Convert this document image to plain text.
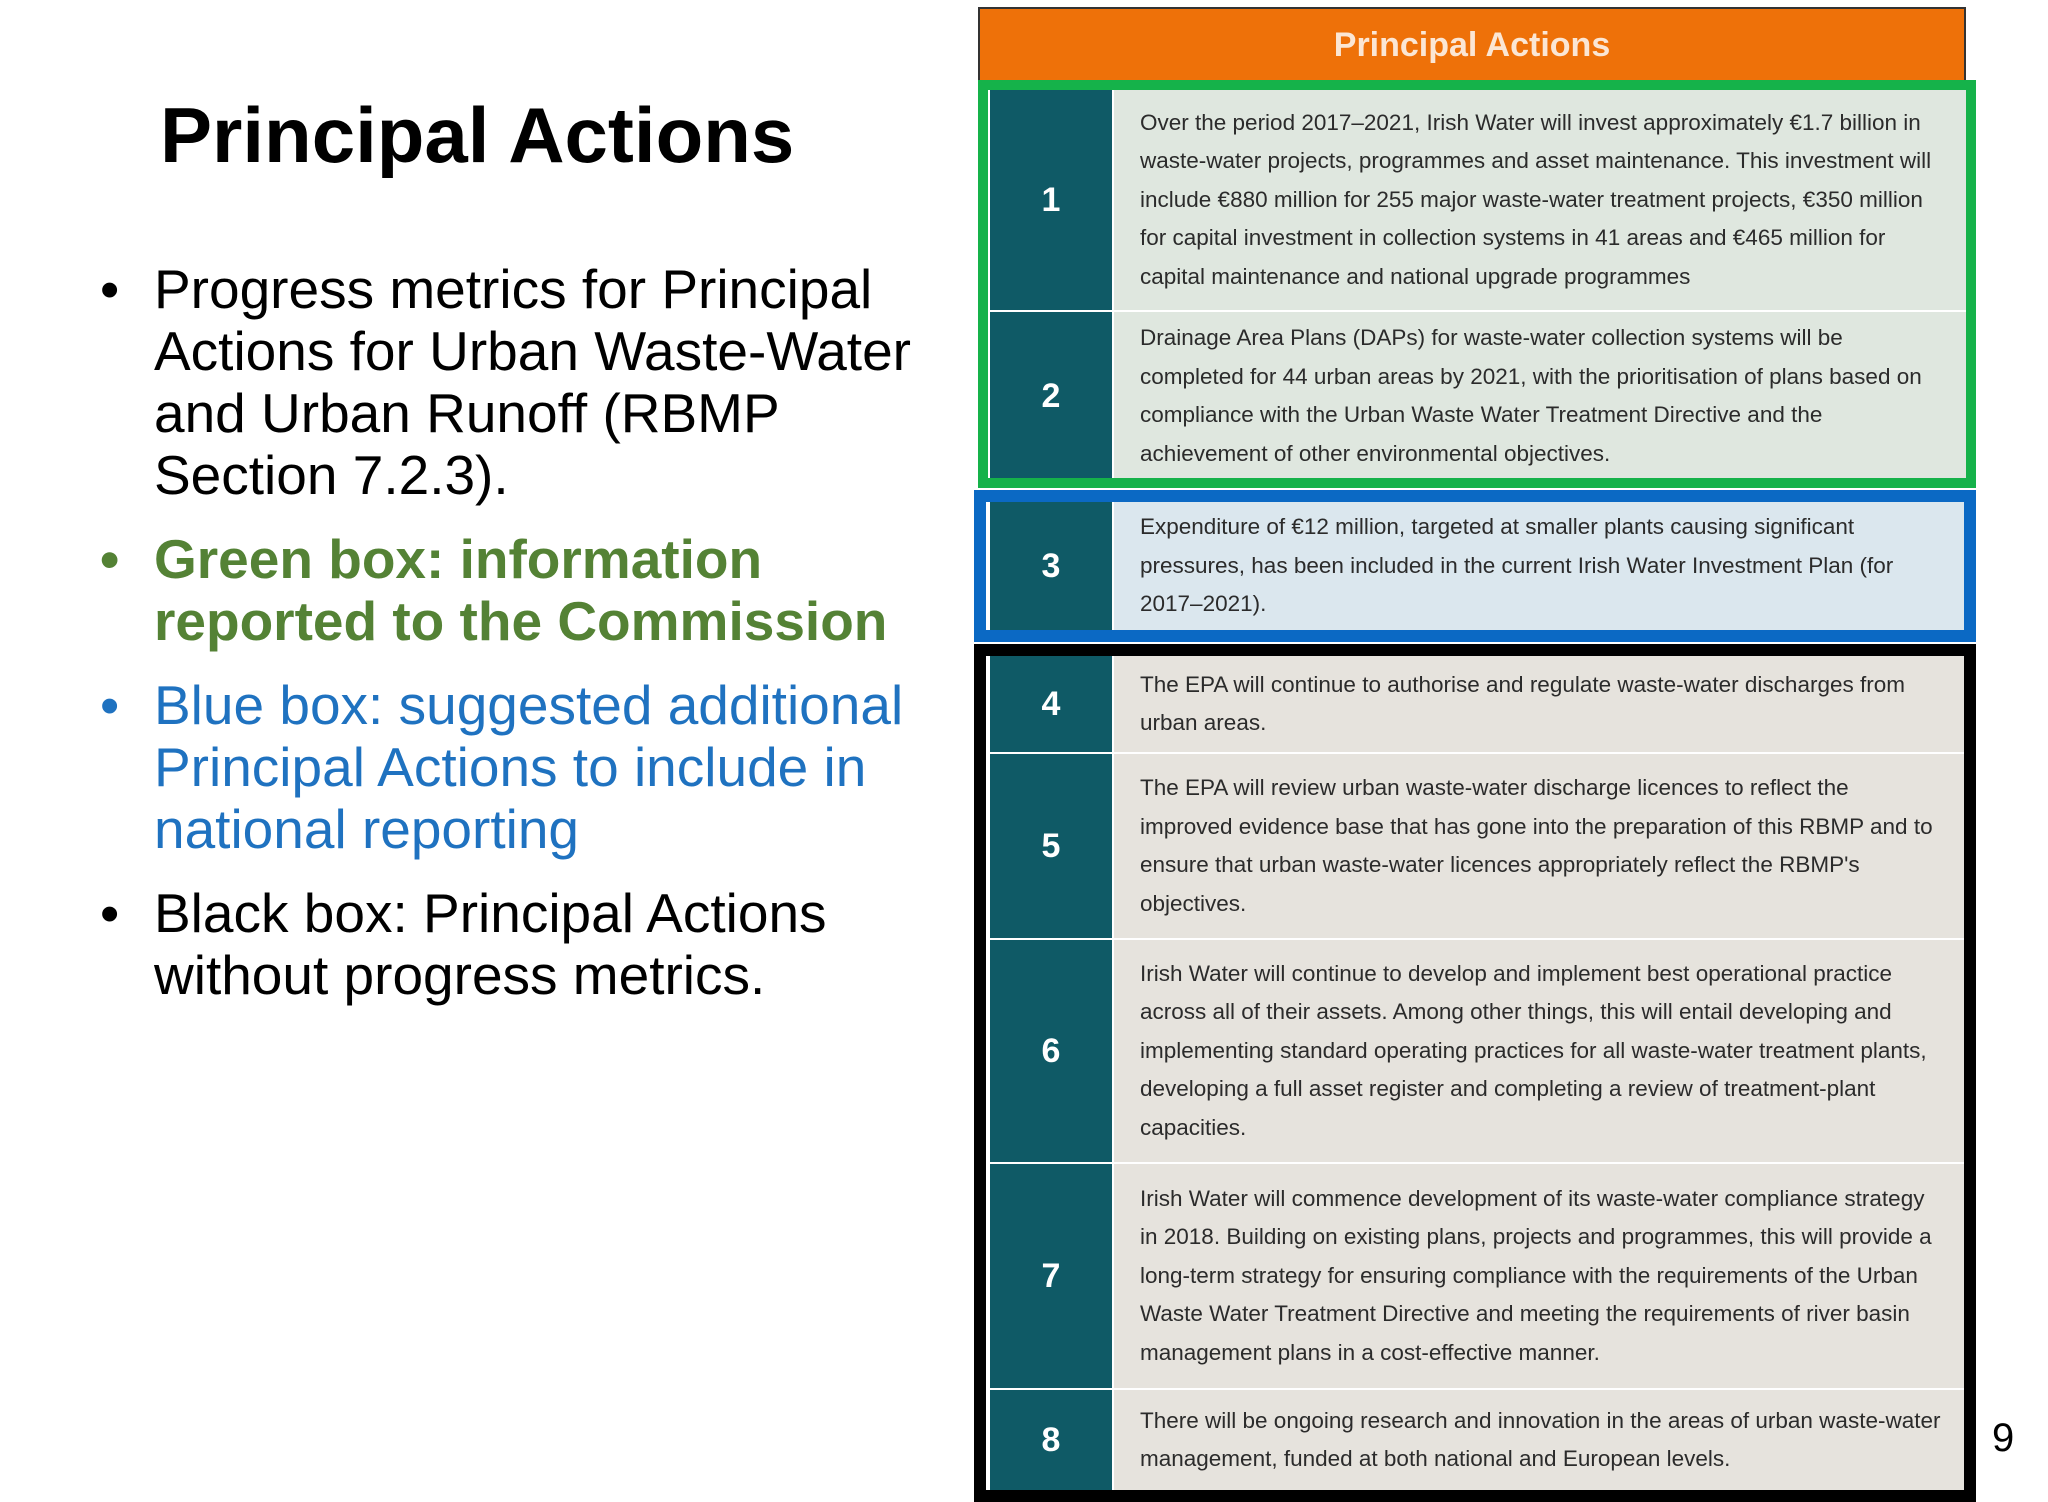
Principal Actions
• Progress metrics for Principal Actions for Urban Waste-Water and Urban Runoff (RBMP Section 7.2.3).
• Green box: information reported to the Commission
• Blue box: suggested additional Principal Actions to include in national reporting
• Black box: Principal Actions without progress metrics.
Principal Actions
1
Over the period 2017–2021, Irish Water will invest approximately €1.7 billion in waste-water projects, programmes and asset maintenance. This investment will include €880 million for 255 major waste-water treatment projects, €350 million for capital investment in collection systems in 41 areas and €465 million for capital maintenance and national upgrade programmes
2
Drainage Area Plans (DAPs) for waste-water collection systems will be completed for 44 urban areas by 2021, with the prioritisation of plans based on compliance with the Urban Waste Water Treatment Directive and the achievement of other environmental objectives.
3
Expenditure of €12 million, targeted at smaller plants causing significant pressures, has been included in the current Irish Water Investment Plan (for 2017–2021).
4
The EPA will continue to authorise and regulate waste-water discharges from urban areas.
5
The EPA will review urban waste-water discharge licences to reflect the improved evidence base that has gone into the preparation of this RBMP and to ensure that urban waste-water licences appropriately reflect the RBMP's objectives.
6
Irish Water will continue to develop and implement best operational practice across all of their assets. Among other things, this will entail developing and implementing standard operating practices for all waste-water treatment plants, developing a full asset register and completing a review of treatment-plant capacities.
7
Irish Water will commence development of its waste-water compliance strategy in 2018. Building on existing plans, projects and programmes, this will provide a long-term strategy for ensuring compliance with the requirements of the Urban Waste Water Treatment Directive and meeting the requirements of river basin management plans in a cost-effective manner.
8
There will be ongoing research and innovation in the areas of urban waste-water management, funded at both national and European levels.	9
